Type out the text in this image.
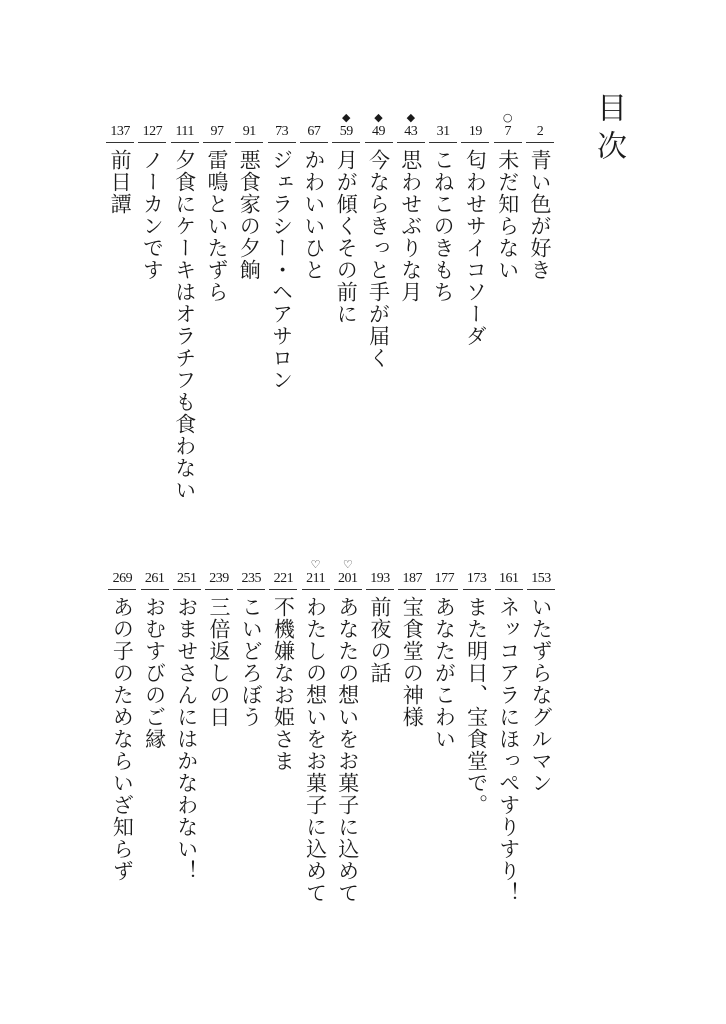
目次
2
青い色が好き
○
7
未だ知らない
19
匂わせサイコソーダ
31
こねこのきもち
◆
43
思わせぶりな月
◆
49
今ならきっと手が届く
◆
59
月が傾くその前に
67
かわいいひと
73
ジェラシー・ヘアサロン
91
悪食家の夕餉
97
雷鳴といたずら
111
夕食にケーキはオラチフも食わない
127
ノーカンです
137
前日譚
153
いたずらなグルマン
161
ネッコアラにほっぺすりすり！
173
また明日、宝食堂で。
177
あなたがこわい
187
宝食堂の神様
193
前夜の話
♡
201
あなたの想いをお菓子に込めて
♡
211
わたしの想いをお菓子に込めて
221
不機嫌なお姫さま
235
こいどろぼう
239
三倍返しの日
251
おませさんにはかなわない！
261
おむすびのご縁
269
あの子のためならいざ知らず
